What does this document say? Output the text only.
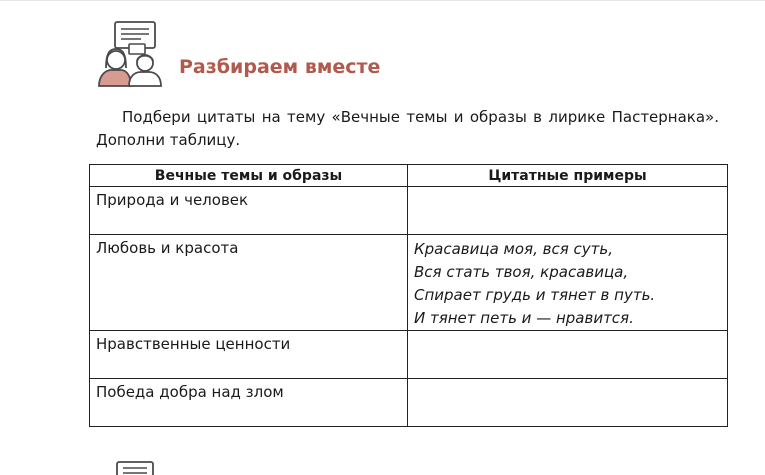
Разбираем вместе
Подбери цитаты на тему «Вечные темы и образы в лирике Пастернака». Дополни таблицу.
Вечные темы и образы	Цитатные примеры
Природа и человек	
Любовь и красота	Красавица моя, вся суть,
Вся стать твоя, красавица,
Спирает грудь и тянет в путь.
И тянет петь и — нравится.

Нравственные ценности	
Победа добра над злом	
